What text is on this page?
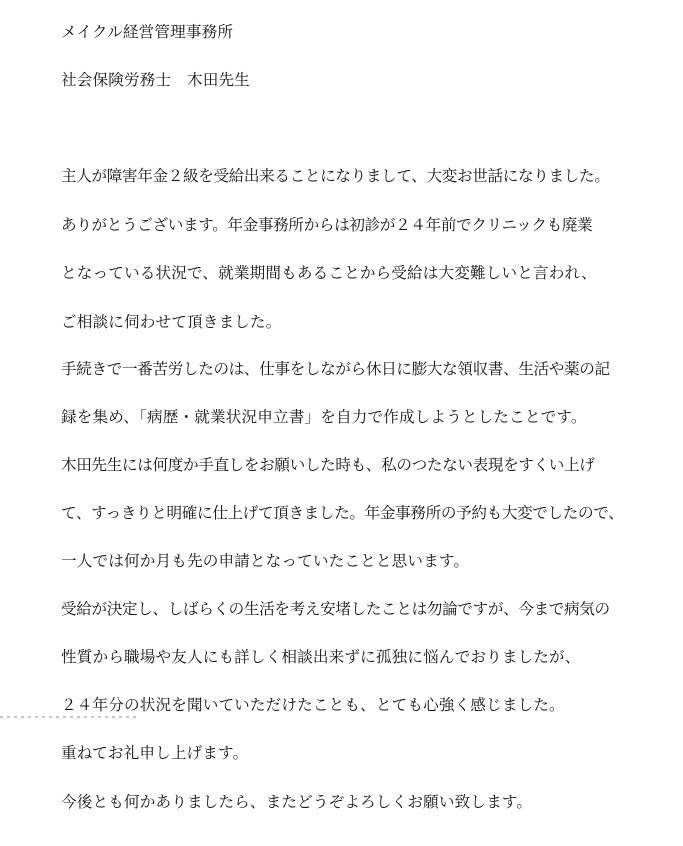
メイクル経営管理事務所
社会保険労務士　木田先生
主人が障害年金２級を受給出来ることになりまして、大変お世話になりました。
ありがとうございます。年金事務所からは初診が２４年前でクリニックも廃業
となっている状況で、就業期間もあることから受給は大変難しいと言われ、
ご相談に伺わせて頂きました。
手続きで一番苦労したのは、仕事をしながら休日に膨大な領収書、生活や薬の記
録を集め、「病歴・就業状況申立書」を自力で作成しようとしたことです。
木田先生には何度か手直しをお願いした時も、私のつたない表現をすくい上げ
て、すっきりと明確に仕上げて頂きました。年金事務所の予約も大変でしたので、
一人では何か月も先の申請となっていたことと思います。
受給が決定し、しばらくの生活を考え安堵したことは勿論ですが、今まで病気の
性質から職場や友人にも詳しく相談出来ずに孤独に悩んでおりましたが、
２４年分の状況を聞いていただけたことも、とても心強く感じました。
重ねてお礼申し上げます。
今後とも何かありましたら、またどうぞよろしくお願い致します。
